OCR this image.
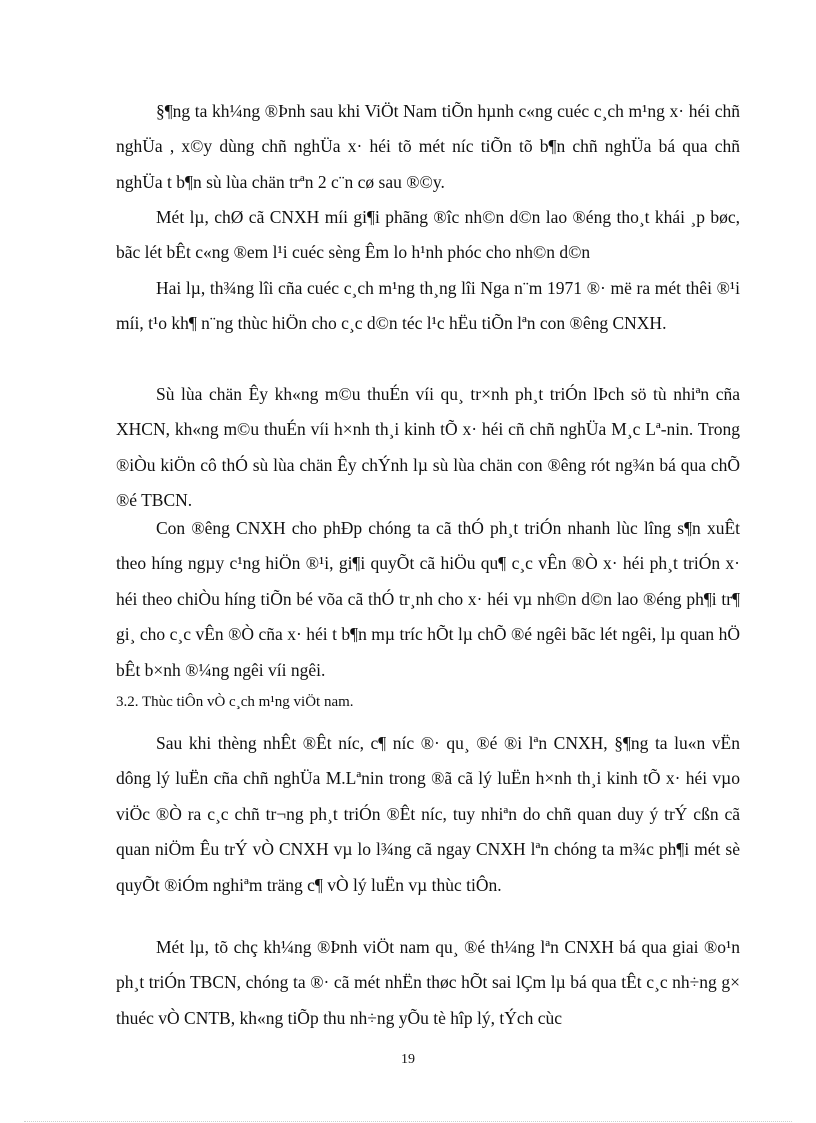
§¶ng ta kh¼ng ®Þnh sau khi ViÖt Nam tiÕn hµnh c«ng cuéc c¸ch m¹ng x· héi chñ nghÜa , x©y dùng chñ nghÜa x· héi tõ mét níc tiÕn tõ b¶n chñ nghÜa bá qua chñ nghÜa t b¶n sù lùa chän trªn 2 c¨n cø sau ®©y.

Mét lµ, chØ cã CNXH míi gi¶i phãng ®îc nh©n d©n lao ®éng tho¸t khái ¸p bøc, bãc lét bÊt c«ng ®em l¹i cuéc sèng Êm lo h¹nh phóc cho nh©n d©n

Hai lµ, th¾ng lîi cña cuéc c¸ch m¹ng th¸ng lîi Nga n¨m 1971 ®· më ra mét thêi ®¹i míi, t¹o kh¶ n¨ng thùc hiÖn cho c¸c d©n téc l¹c hËu tiÕn lªn con ®êng CNXH.

Sù lùa chän Êy kh«ng m©u thuÉn víi qu¸ tr×nh ph¸t triÓn lÞch sö tù nhiªn cña XHCN, kh«ng m©u thuÉn víi h×nh th¸i kinh tÕ x· héi cñ chñ nghÜa M¸c Lª-nin. Trong ®iÒu kiÖn cô thÓ sù lùa chän Êy chÝnh lµ sù lùa chän con ®êng rót ng¾n bá qua chÕ ®é TBCN.

Con ®êng CNXH cho phÐp chóng ta cã thÓ ph¸t triÓn nhanh lùc lîng s¶n xuÊt theo híng ngµy c¹ng hiÖn ®¹i, gi¶i quyÕt cã hiÖu qu¶ c¸c vÊn ®Ò x· héi ph¸t triÓn x· héi theo chiÒu híng tiÕn bé võa cã thÓ tr¸nh cho x· héi vµ nh©n d©n lao ®éng ph¶i tr¶ gi¸ cho c¸c vÊn ®Ò cña x· héi t b¶n mµ tríc hÕt lµ chÕ ®é ngêi bãc lét ngêi, lµ quan hÖ bÊt b×nh ®¼ng ngêi víi ngêi.

3.2. Thùc tiÔn vÒ c¸ch m¹ng viÖt nam.

Sau khi thèng nhÊt ®Êt níc, c¶ níc ®· qu¸ ®é ®i lªn CNXH, §¶ng ta lu«n vËn dông lý luËn cña chñ nghÜa M.Lªnin trong ®ã cã lý luËn h×nh th¸i kinh tÕ x· héi vµo viÖc ®Ò ra c¸c chñ tr¬ng ph¸t triÓn ®Êt níc, tuy nhiªn do chñ quan duy ý trÝ cßn cã quan niÖm Êu trÝ vÒ CNXH vµ lo l¾ng cã ngay CNXH lªn chóng ta m¾c ph¶i mét sè quyÕt ®iÓm nghiªm träng c¶ vÒ lý luËn vµ thùc tiÔn.

Mét lµ, tõ chç kh¼ng ®Þnh viÖt nam qu¸ ®é th¼ng lªn CNXH bá qua giai ®o¹n ph¸t triÓn TBCN, chóng ta ®· cã mét nhËn thøc hÕt sai lÇm lµ bá qua tÊt c¸c nh÷ng g× thuéc vÒ CNTB, kh«ng tiÕp thu nh÷ng yÕu tè hîp lý, tÝch cùc

19
